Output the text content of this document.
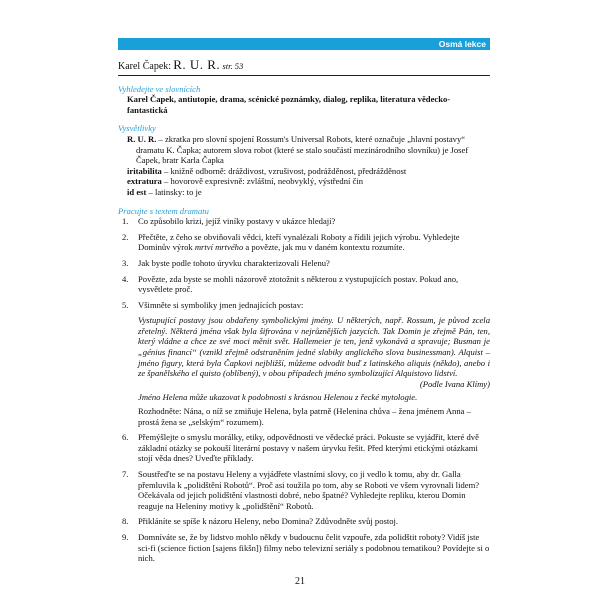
Osmá lekce
Karel Čapek: R. U. R. str. 53
Vyhledejte ve slovnících
Karel Čapek, antiutopie, drama, scénické poznámky, dialog, replika, literatura vědecko-fantastická
Vysvětlivky
R. U. R. – zkratka pro slovní spojení Rossum's Universal Robots, které označuje „hlavní postavy“ dramatu K. Čapka; autorem slova robot (které se stalo součástí mezinárodního slovníku) je Josef Čapek, bratr Karla Čapka
iritabilita – knižně odborně: dráždivost, vzrušivost, podrážděnost, předrážděnost
extratura – hovorově expresivně: zvláštní, neobvyklý, výstřední čin
id est – latinsky: to je
Pracujte s textem dramatu
1. Co způsobilo krizi, jejíž viníky postavy v ukázce hledají?
2. Přečtěte, z čeho se obviňovali vědci, kteří vynalézali Roboty a řídili jejich výrobu. Vyhledejte Dominův výrok mrtví mrtvého a povězte, jak mu v daném kontextu rozumíte.
3. Jak byste podle tohoto úryvku charakterizovali Helenu?
4. Povězte, zda byste se mohli názorově ztotožnit s některou z vystupujících postav. Pokud ano, vysvětlete proč.
5. Všimněte si symboliky jmen jednajících postav:
Vystupující postavy jsou obdařeny symbolickými jmény. U některých, např. Rossum, je původ zcela zřetelný. Některá jména však byla šifrována v nejrůznějších jazycích. Tak Domin je zřejmě Pán, ten, který vládne a chce ze své moci měnit svět. Hallemeier je ten, jenž vykonává a spravuje; Busman je „génius financí“ (vznikl zřejmě odstraněním jedné slabiky anglického slova businessman). Alquist – jméno figury, která byla Čapkovi nejbližší, můžeme odvodit buď z latinského aliquis (někdo), anebo i ze španělského el quisto (oblíbený), v obou případech jméno symbolizující Alquistovo lidství.
(Podle Ivana Klímy)
Jméno Helena může ukazovat k podobnosti s krásnou Helenou z řecké mytologie.
Rozhodněte: Nána, o níž se zmiňuje Helena, byla patrně (Helenina chůva – žena jménem Anna – prostá žena se „selským“ rozumem).
6. Přemýšlejte o smyslu morálky, etiky, odpovědnosti ve vědecké práci. Pokuste se vyjádřit, které dvě základní otázky se pokouší literární postavy v našem úryvku řešit. Před kterými etickými otázkami stojí věda dnes? Uveďte příklady.
7. Soustřeďte se na postavu Heleny a vyjádřete vlastními slovy, co ji vedlo k tomu, aby dr. Galla přemluvila k „polidštění Robotů“. Proč asi toužila po tom, aby se Roboti ve všem vyrovnali lidem? Očekávala od jejich polidštění vlastnosti dobré, nebo špatné? Vyhledejte repliku, kterou Domin reaguje na Heleniny motivy k „polidštění“ Robotů.
8. Přikláníte se spíše k názoru Heleny, nebo Domina? Zdůvodněte svůj postoj.
9. Domníváte se, že by lidstvo mohlo někdy v budoucnu čelit vzpouře, zda polidštit roboty? Vidíš jste sci-fi (science fiction [sajens fikšn]) filmy nebo televizní seriály s podobnou tematikou? Povídejte si o nich.
21
